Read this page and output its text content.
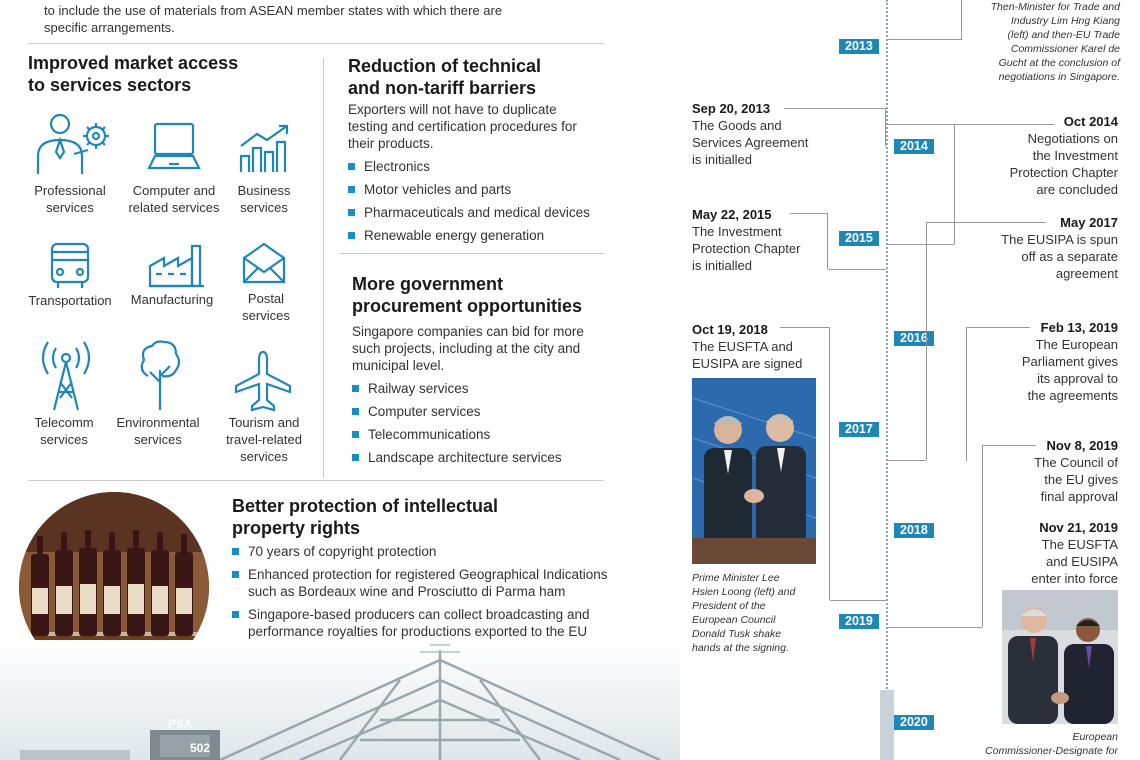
to include the use of materials from ASEAN member states with which there are
specific arrangements.
Improved market access
to services sectors
Professional
services
Computer and
related services
Business
services
Transportation	Manufacturing	Postal
services
Telecomm
services
Environmental
services
Tourism and
travel-related
services
Reduction of technical
and non-tariff barriers
Exporters will not have to duplicate testing and certification procedures for their products.
Electronics
Motor vehicles and parts
Pharmaceuticals and medical devices
Renewable energy generation
More government
procurement opportunities
Singapore companies can bid for more such projects, including at the city and municipal level.
Railway services
Computer services
Telecommunications
Landscape architecture services
Better protection of intellectual
property rights
70 years of copyright protection
Enhanced protection for registered Geographical Indications
such as Bordeaux wine and Prosciutto di Parma ham
Singapore-based producers can collect broadcasting and
performance royalties for productions exported to the EU
PSA
502
2013
2014
2015
2016
2017
2018
2019
2020
Then-Minister for Trade and
Industry Lim Hng Kiang
(left) and then-EU Trade
Commissioner Karel de
Gucht at the conclusion of
negotiations in Singapore.
Sep 20, 2013
The Goods and
Services Agreement
is initialled
May 22, 2015
The Investment
Protection Chapter
is initialled
Oct 19, 2018
The EUSFTA and
EUSIPA are signed
Prime Minister Lee
Hsien Loong (left) and
President of the
European Council
Donald Tusk shake
hands at the signing.
Oct 2014
Negotiations on
the Investment
Protection Chapter
are concluded
May 2017
The EUSIPA is spun
off as a separate
agreement
Feb 13, 2019
The European
Parliament gives
its approval to
the agreements
Nov 8, 2019
The Council of
the EU gives
final approval
Nov 21, 2019
The EUSFTA
and EUSIPA
enter into force
European
Commissioner-Designate for
